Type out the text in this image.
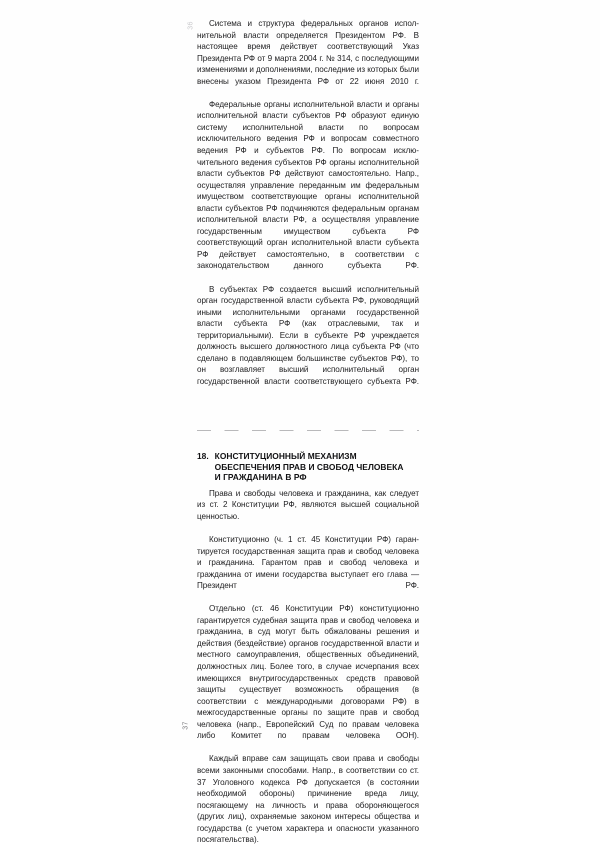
36	Система и структура федеральных органов исполнительной власти определяется Президентом РФ. В настоящее время действует соответствующий Указ Президента РФ от 9 марта 2004 г. № 314, с последующими изменениями и дополнениями, последние из которых были внесены указом Президента РФ от 22 июня 2010 г.

Федеральные органы исполнительной власти и органы исполнительной власти субъектов РФ образуют единую систему исполнительной власти по вопросам исключительного ведения РФ и вопросам совместного ведения РФ и субъектов РФ. По вопросам исключительного ведения субъектов РФ органы исполнительной власти субъектов РФ действуют самостоятельно. Напр., осуществляя управление переданным им федеральным имуществом соответствующие органы исполнительной власти субъектов РФ подчиняются федеральным органам исполнительной власти РФ, а осуществляя управление государственным имуществом субъекта РФ соответствующий орган исполнительной власти субъекта РФ действует самостоятельно, в соответствии с законодательством данного субъекта РФ.

В субъектах РФ создается высший исполнительный орган государственной власти субъекта РФ, руководящий иными исполнительными органами государственной власти субъекта РФ (как отраслевыми, так и территориальными). Если в субъекте РФ учреждается должность высшего должностного лица субъекта РФ (что сделано в подавляющем большинстве субъектов РФ), то он возглавляет высший исполнительный орган государственной власти соответствующего субъекта РФ.

18. КОНСТИТУЦИОННЫЙ МЕХАНИЗМ
ОБЕСПЕЧЕНИЯ ПРАВ И СВОБОД ЧЕЛОВЕКА
И ГРАЖДАНИНА В РФ

Права и свободы человека и гражданина, как следует из ст. 2 Конституции РФ, являются высшей социальной ценностью.

Конституционно (ч. 1 ст. 45 Конституции РФ) гарантируется государственная защита прав и свобод человека и гражданина. Гарантом прав и свобод человека и гражданина от имени государства выступает его глава — Президент РФ.

Отдельно (ст. 46 Конституции РФ) конституционно гарантируется судебная защита прав и свобод человека и гражданина, в суд могут быть обжалованы решения и действия (бездействие) органов государственной власти и местного самоуправления, общественных объединений, должностных лиц. Более того, в случае исчерпания всех имеющихся внутригосударственных средств правовой защиты существует возможность обращения (в соответствии с международными договорами РФ) в межгосударственные органы по защите прав и свобод человека (напр., Европейский Суд по правам человека либо Комитет по правам человека ООН).

Каждый вправе сам защищать свои права и свободы всеми законными способами. Напр., в соответствии со ст. 37 Уголовного кодекса РФ допускается (в состоянии необходимой обороны) причинение вреда лицу, посягающему на личность и права обороняющегося (других лиц), охраняемые законом интересы общества и государства (с учетом характера и опасности указанного посягательства).

37
